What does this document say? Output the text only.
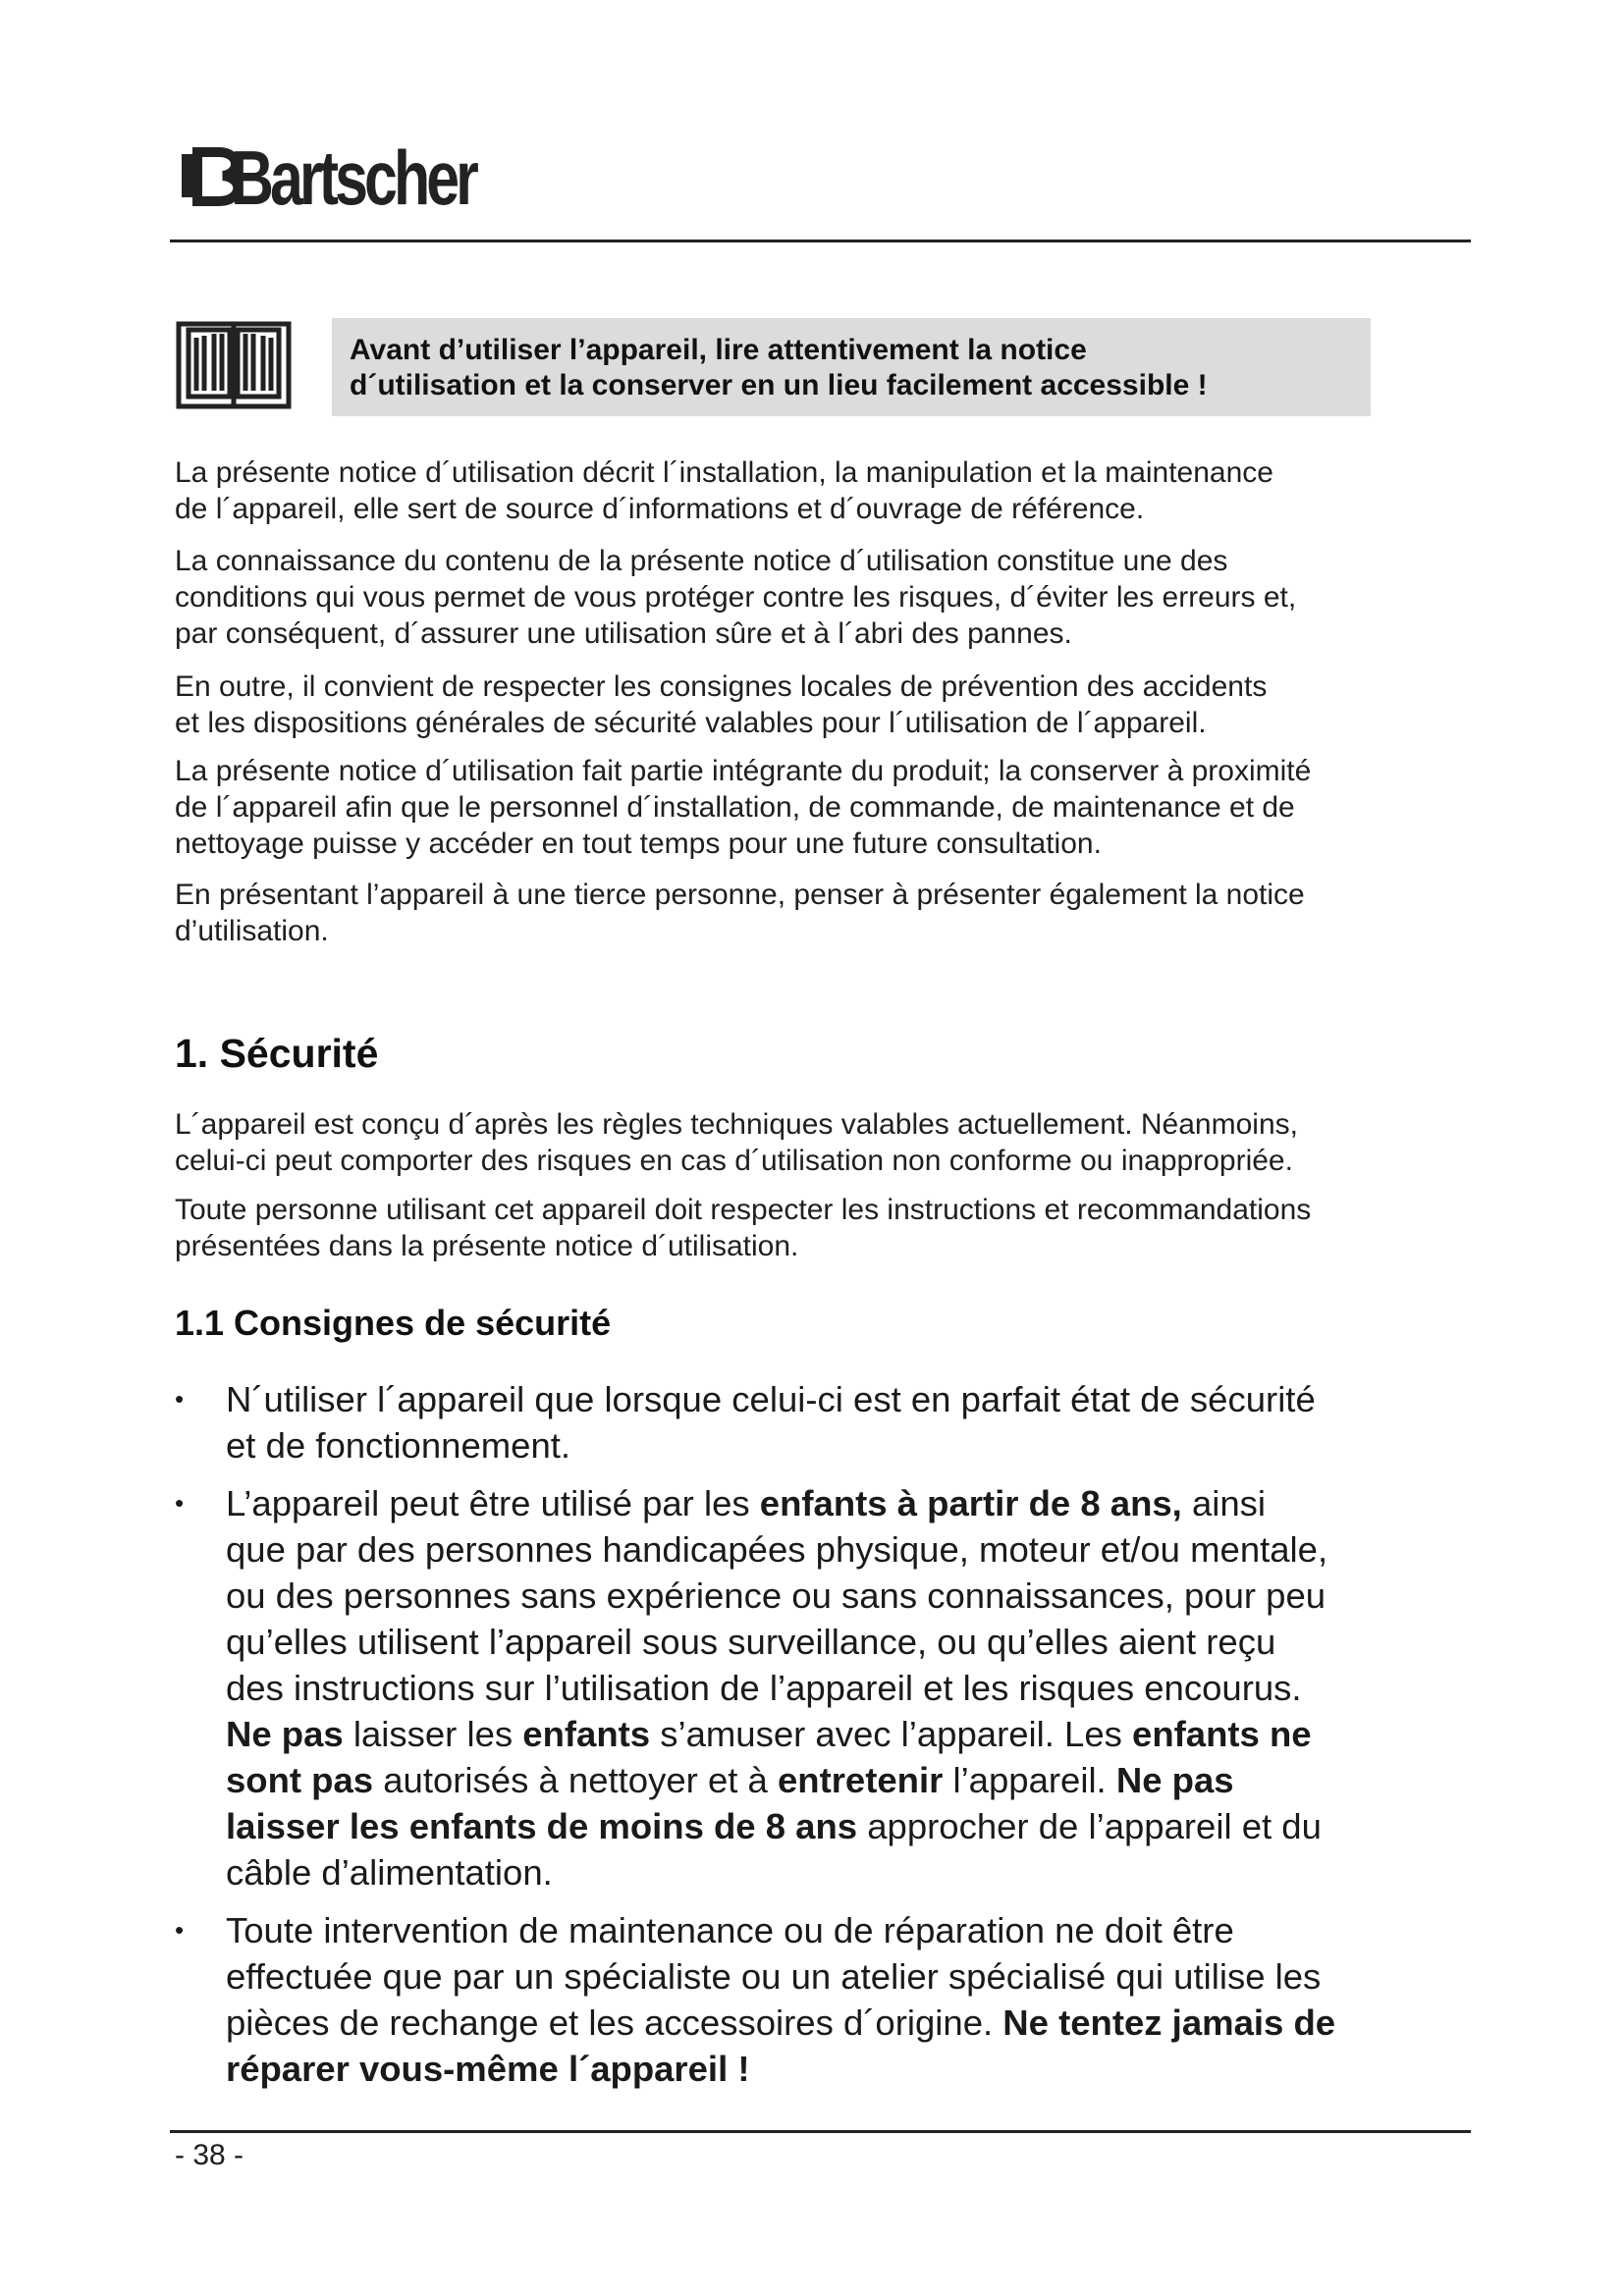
Bartscher
Avant d’utiliser l’appareil, lire attentivement la notice
d´utilisation et la conserver en un lieu facilement accessible !
La présente notice d´utilisation décrit l´installation, la manipulation et la maintenance
de l´appareil, elle sert de source d´informations et d´ouvrage de référence.
La connaissance du contenu de la présente notice d´utilisation constitue une des
conditions qui vous permet de vous protéger contre les risques, d´éviter les erreurs et,
par conséquent, d´assurer une utilisation sûre et à l´abri des pannes.
En outre, il convient de respecter les consignes locales de prévention des accidents
et les dispositions générales de sécurité valables pour l´utilisation de l´appareil.
La présente notice d´utilisation fait partie intégrante du produit; la conserver à proximité
de l´appareil afin que le personnel d´installation, de commande, de maintenance et de
nettoyage puisse y accéder en tout temps pour une future consultation.
En présentant l’appareil à une tierce personne, penser à présenter également la notice
d’utilisation.
1. Sécurité
L´appareil est conçu d´après les règles techniques valables actuellement. Néanmoins,
celui-ci peut comporter des risques en cas d´utilisation non conforme ou inappropriée.
Toute personne utilisant cet appareil doit respecter les instructions et recommandations
présentées dans la présente notice d´utilisation.
1.1 Consignes de sécurité
• N´utiliser l´appareil que lorsque celui-ci est en parfait état de sécurité
et de fonctionnement.
• L’appareil peut être utilisé par les enfants à partir de 8 ans, ainsi
que par des personnes handicapées physique, moteur et/ou mentale,
ou des personnes sans expérience ou sans connaissances, pour peu
qu’elles utilisent l’appareil sous surveillance, ou qu’elles aient reçu
des instructions sur l’utilisation de l’appareil et les risques encourus.
Ne pas laisser les enfants s’amuser avec l’appareil. Les enfants ne
sont pas autorisés à nettoyer et à entretenir l’appareil. Ne pas
laisser les enfants de moins de 8 ans approcher de l’appareil et du
câble d’alimentation.
• Toute intervention de maintenance ou de réparation ne doit être
effectuée que par un spécialiste ou un atelier spécialisé qui utilise les
pièces de rechange et les accessoires d´origine. Ne tentez jamais de
réparer vous-même l´appareil !
- 38 -
